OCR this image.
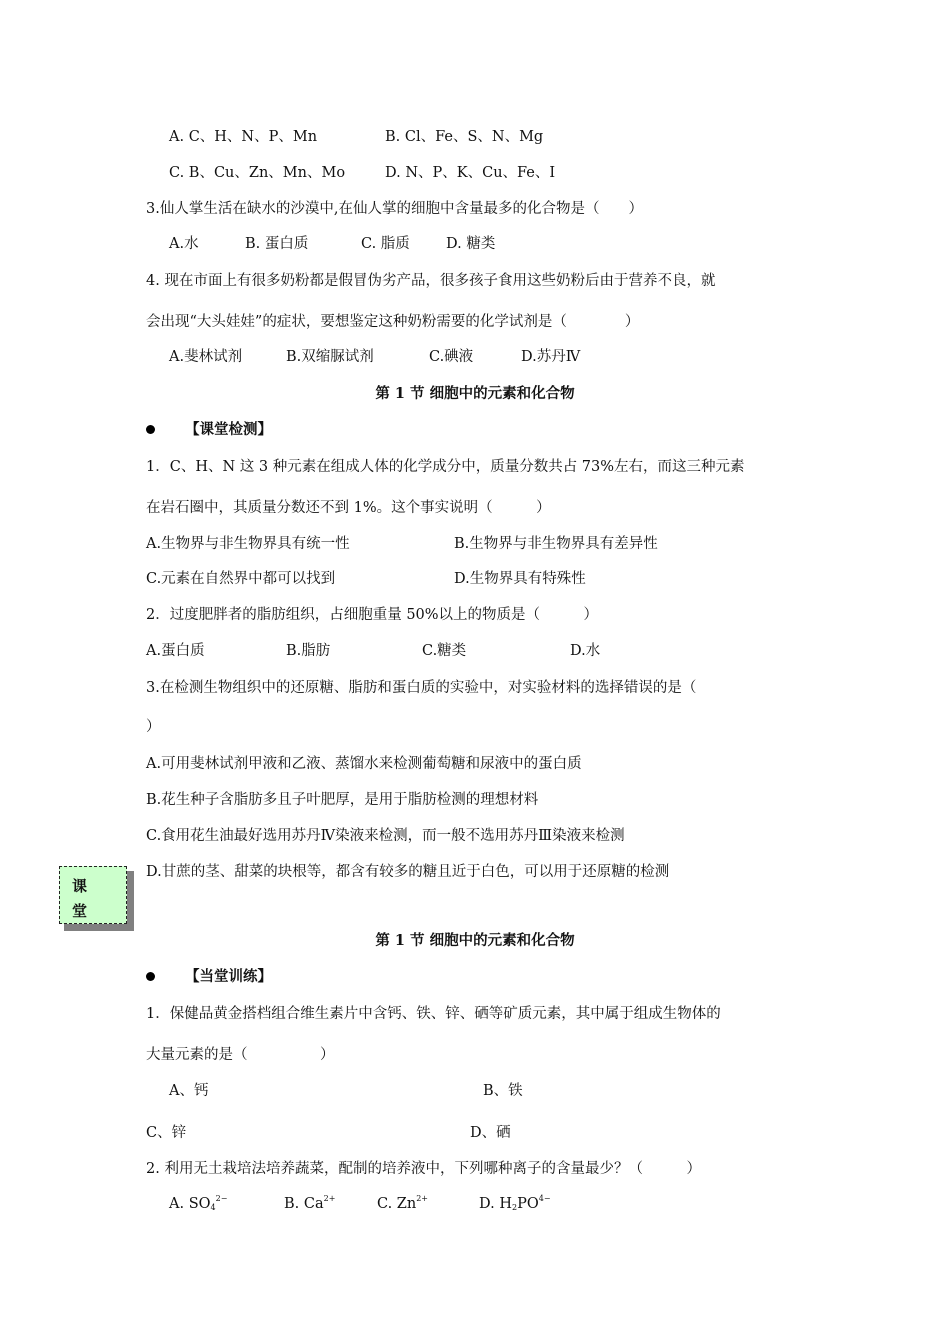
A. C、H、N、P、Mn	B. Cl、Fe、S、N、Mg
C. B、Cu、Zn、Mn、Mo	D. N、P、K、Cu、Fe、I
3.仙人掌生活在缺水的沙漠中,在仙人掌的细胞中含量最多的化合物是（　　）
A.水	B. 蛋白质	C. 脂质 D. 糖类
4. 现在市面上有很多奶粉都是假冒伪劣产品，很多孩子食用这些奶粉后由于营养不良，就
会出现“大头娃娃”的症状，要想鉴定这种奶粉需要的化学试剂是（　　　　）
A.斐林试剂	B.双缩脲试剂	C.碘液	D.苏丹Ⅳ
第 1 节 细胞中的元素和化合物
【课堂检测】
1．C、H、N 这 3 种元素在组成人体的化学成分中，质量分数共占 73%左右，而这三种元素
在岩石圈中，其质量分数还不到 1%。这个事实说明（　　　）
A.生物界与非生物界具有统一性	B.生物界与非生物界具有差异性
C.元素在自然界中都可以找到	D.生物界具有特殊性
2．过度肥胖者的脂肪组织，占细胞重量 50%以上的物质是（　　　）
A.蛋白质	B.脂肪	C.糖类	D.水
3.在检测生物组织中的还原糖、脂肪和蛋白质的实验中，对实验材料的选择错误的是（
）
A.可用斐林试剂甲液和乙液、蒸馏水来检测葡萄糖和尿液中的蛋白质
B.花生种子含脂肪多且子叶肥厚，是用于脂肪检测的理想材料
C.食用花生油最好选用苏丹Ⅳ染液来检测，而一般不选用苏丹Ⅲ染液来检测
D.甘蔗的茎、甜菜的块根等，都含有较多的糖且近于白色，可以用于还原糖的检测
课
堂
第 1 节 细胞中的元素和化合物
【当堂训练】
1．保健品黄金搭档组合维生素片中含钙、铁、锌、硒等矿质元素，其中属于组成生物体的
大量元素的是（　　　　　）
A、钙	B、铁
C、锌	D、硒
2. 利用无土栽培法培养蔬菜，配制的培养液中，下列哪种离子的含量最少？（　　　）
A. $SO_4^{2-}$	B. $Ca^{2+}$	C. $Zn^{2+}$	D. $H_2PO^{4-}$
